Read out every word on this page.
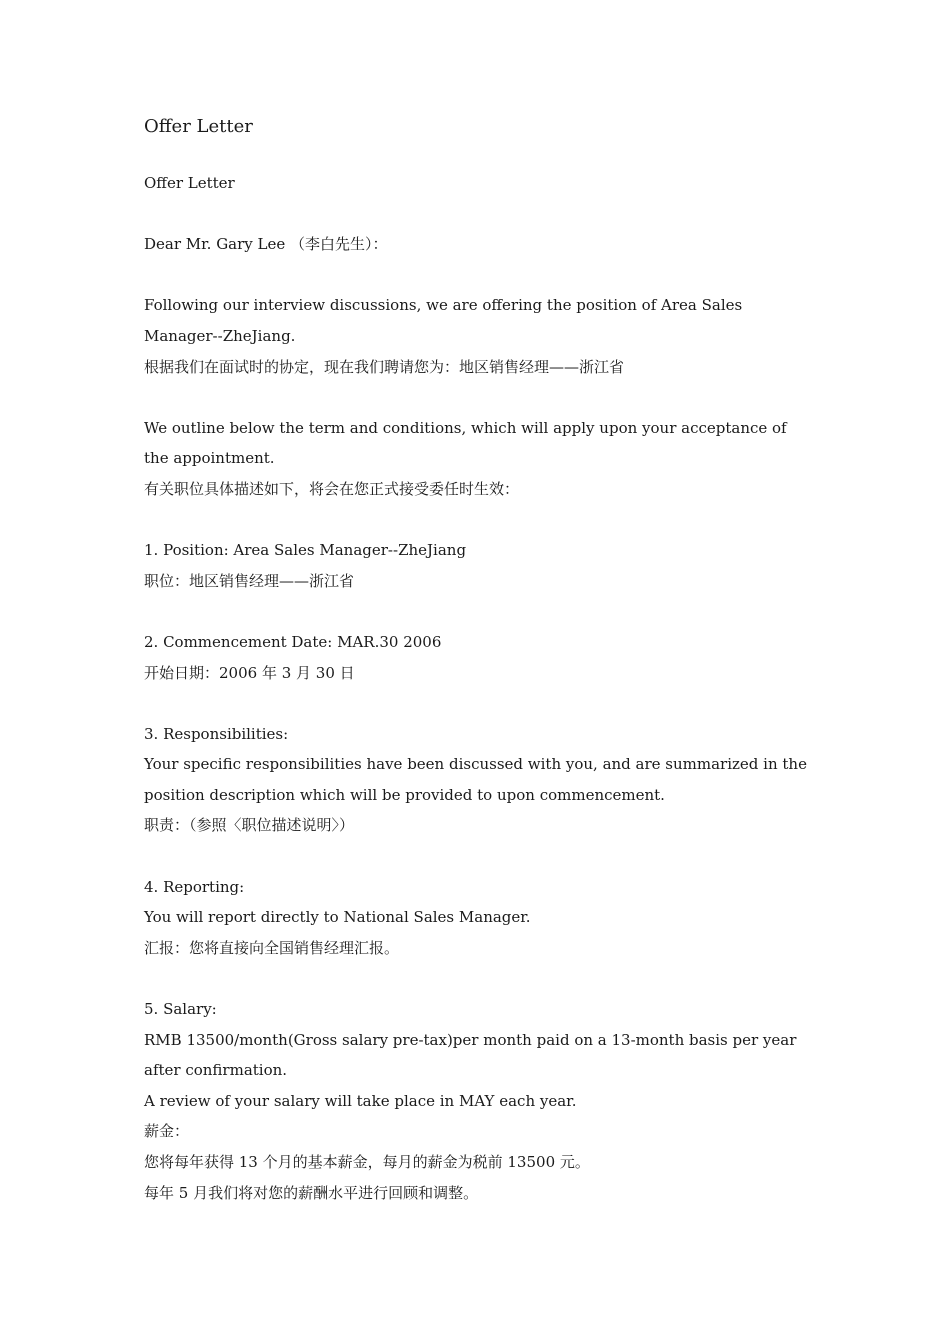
Offer Letter
Offer Letter
Dear Mr. Gary Lee （李白先生）：
Following our interview discussions, we are offering the position of Area Sales Manager--ZheJiang.
根据我们在面试时的协定，现在我们聘请您为：地区销售经理——浙江省
We outline below the term and conditions, which will apply upon your acceptance of the appointment.
有关职位具体描述如下，将会在您正式接受委任时生效：
1. Position: Area Sales Manager--ZheJiang
职位：地区销售经理——浙江省
2. Commencement Date: MAR.30 2006
开始日期：2006 年 3 月 30 日
3. Responsibilities:
Your specific responsibilities have been discussed with you, and are summarized in the position description which will be provided to upon commencement.
职责：（参照〈职位描述说明〉）
4. Reporting:
You will report directly to National Sales Manager.
汇报：您将直接向全国销售经理汇报。
5. Salary:
RMB 13500/month(Gross salary pre-tax)per month paid on a 13-month basis per year after confirmation.
A review of your salary will take place in MAY each year.
薪金：
您将每年获得 13 个月的基本薪金，每月的薪金为税前 13500 元。
每年 5 月我们将对您的薪酬水平进行回顾和调整。
